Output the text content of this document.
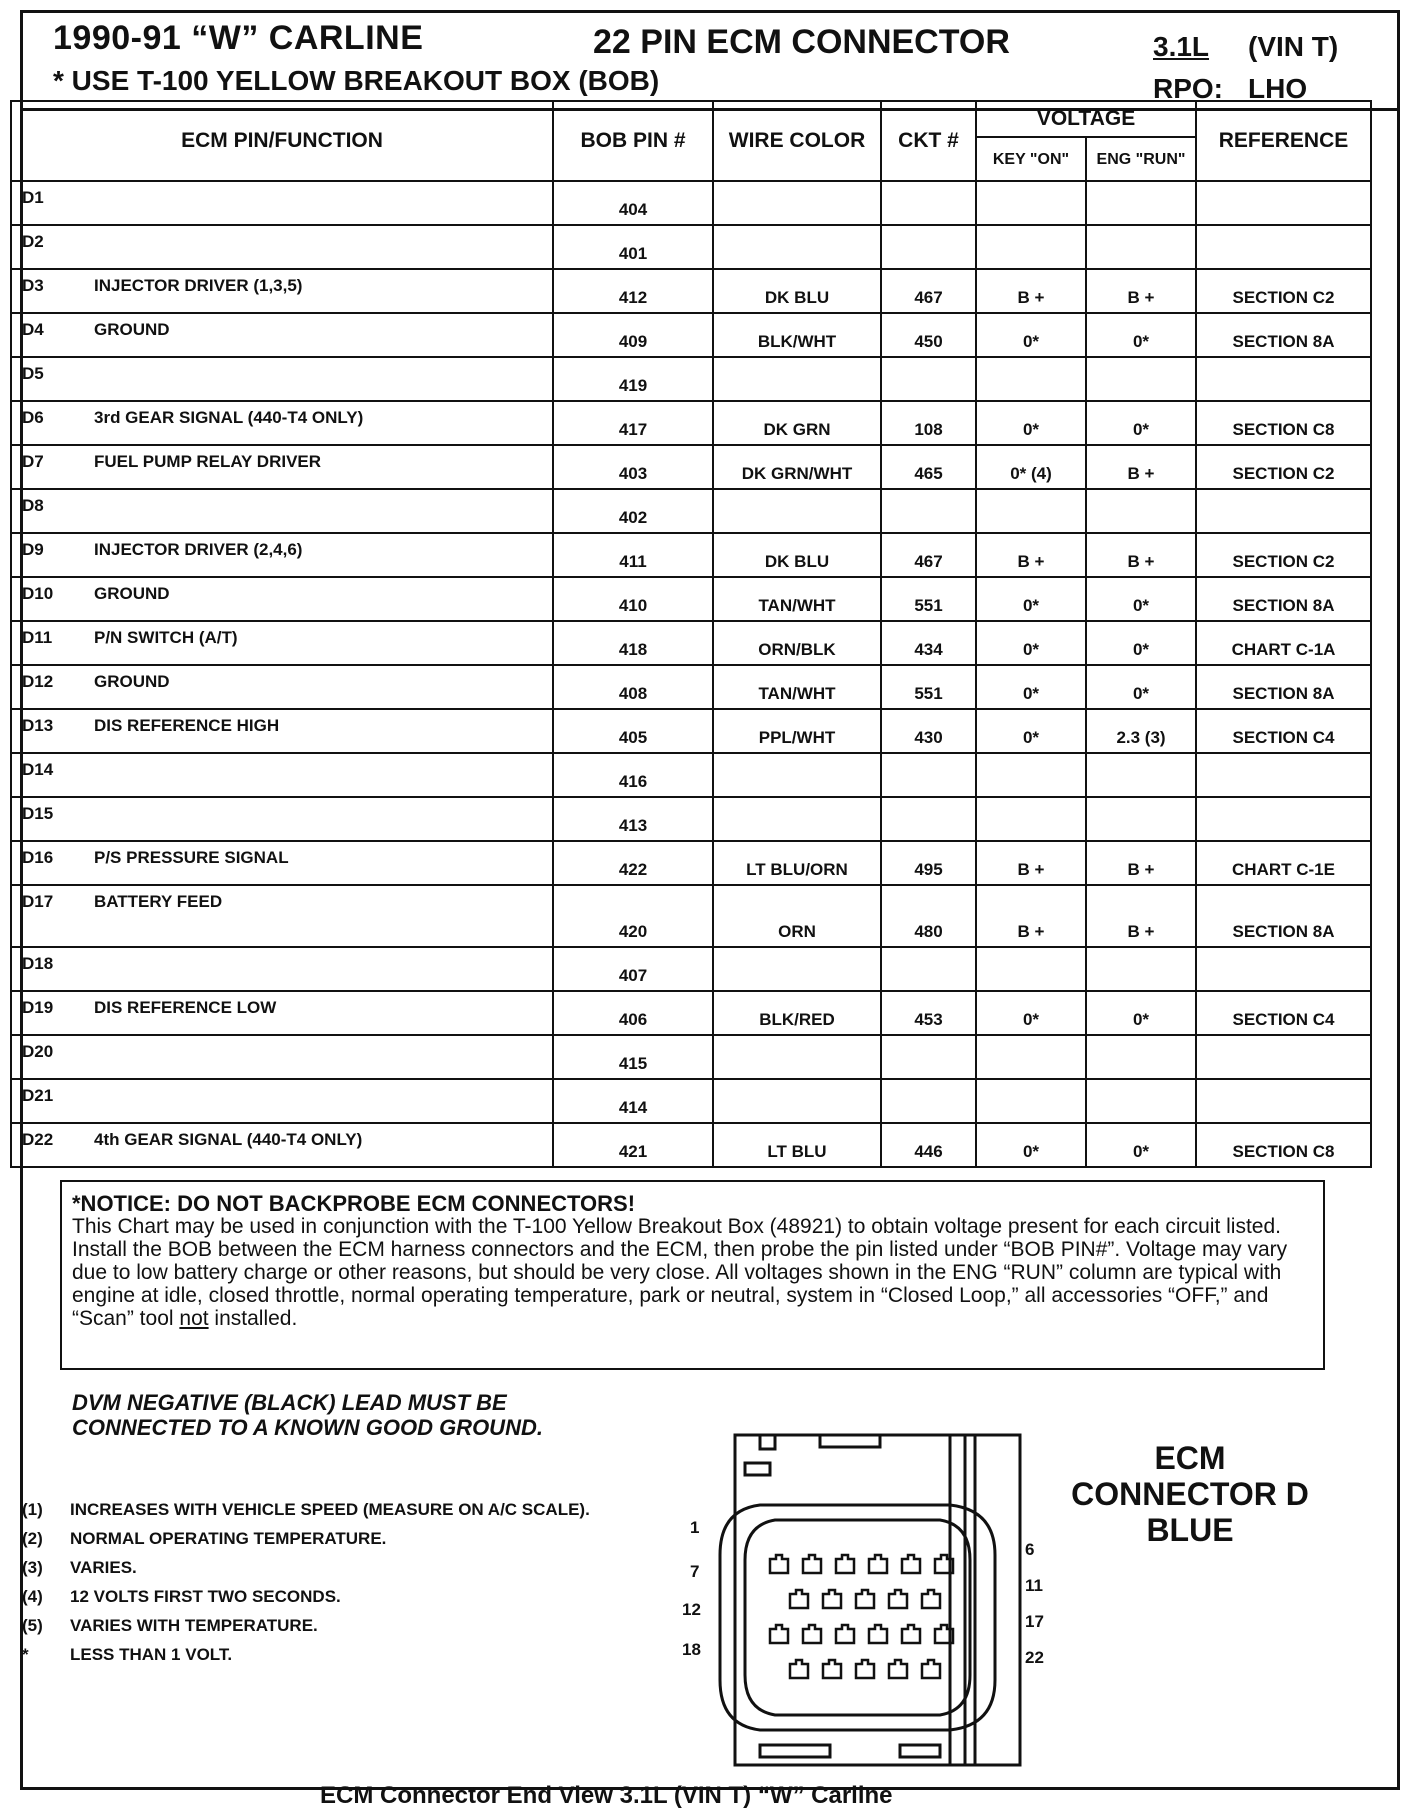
1990-91 “W” CARLINE
* USE T-100 YELLOW BREAKOUT BOX (BOB)
22 PIN ECM CONNECTOR	3.1L (VIN T)
RPO: LHO
ECM PIN/FUNCTION	BOB PIN #	WIRE COLOR	CKT #	VOLTAGE		REFERENCE
				KEY "ON"	ENG "RUN"	
D1	404					
D2	401					
D3 INJECTOR DRIVER (1,3,5)	412	DK BLU	467	B +	B +	SECTION C2
D4 GROUND	409	BLK/WHT	450	0*	0*	SECTION 8A
D5	419					
D6 3rd GEAR SIGNAL (440-T4 ONLY)	417	DK GRN	108	0*	0*	SECTION C8
D7 FUEL PUMP RELAY DRIVER	403	DK GRN/WHT	465	0* (4)	B +	SECTION C2
D8	402					
D9 INJECTOR DRIVER (2,4,6)	411	DK BLU	467	B +	B +	SECTION C2
D10 GROUND	410	TAN/WHT	551	0*	0*	SECTION 8A
D11 P/N SWITCH (A/T)	418	ORN/BLK	434	0*	0*	CHART C-1A
D12 GROUND	408	TAN/WHT	551	0*	0*	SECTION 8A
D13 DIS REFERENCE HIGH	405	PPL/WHT	430	0*	2.3 (3)	SECTION C4
D14	416					
D15	413					
D16 P/S PRESSURE SIGNAL	422	LT BLU/ORN	495	B +	B +	CHART C-1E
D17 BATTERY FEED	420	ORN	480	B +	B +	SECTION 8A
D18	407					
D19 DIS REFERENCE LOW	406	BLK/RED	453	0*	0*	SECTION C4
D20	415					
D21	414					
D22 4th GEAR SIGNAL (440-T4 ONLY)	421	LT BLU	446	0*	0*	SECTION C8
*NOTICE: DO NOT BACKPROBE ECM CONNECTORS!
This Chart may be used in conjunction with the T-100 Yellow Breakout Box (48921) to obtain voltage present for each circuit listed. Install the BOB between the ECM harness connectors and the ECM, then probe the pin listed under “BOB PIN#”. Voltage may vary due to low battery charge or other reasons, but should be very close. All voltages shown in the ENG “RUN” column are typical with engine at idle, closed throttle, normal operating temperature, park or neutral, system in “Closed Loop,” all accessories “OFF,” and “Scan” tool not installed.
DVM NEGATIVE (BLACK) LEAD MUST BE
CONNECTED TO A KNOWN GOOD GROUND.
(1) INCREASES WITH VEHICLE SPEED (MEASURE ON A/C SCALE).
(2) NORMAL OPERATING TEMPERATURE.
(3) VARIES.
(4) 12 VOLTS FIRST TWO SECONDS.
(5) VARIES WITH TEMPERATURE.
* LESS THAN 1 VOLT.
1
7
12
18
6
11
17
22
ECM
CONNECTOR D
BLUE
ECM Connector End View 3.1L (VIN T) “W” Carline
